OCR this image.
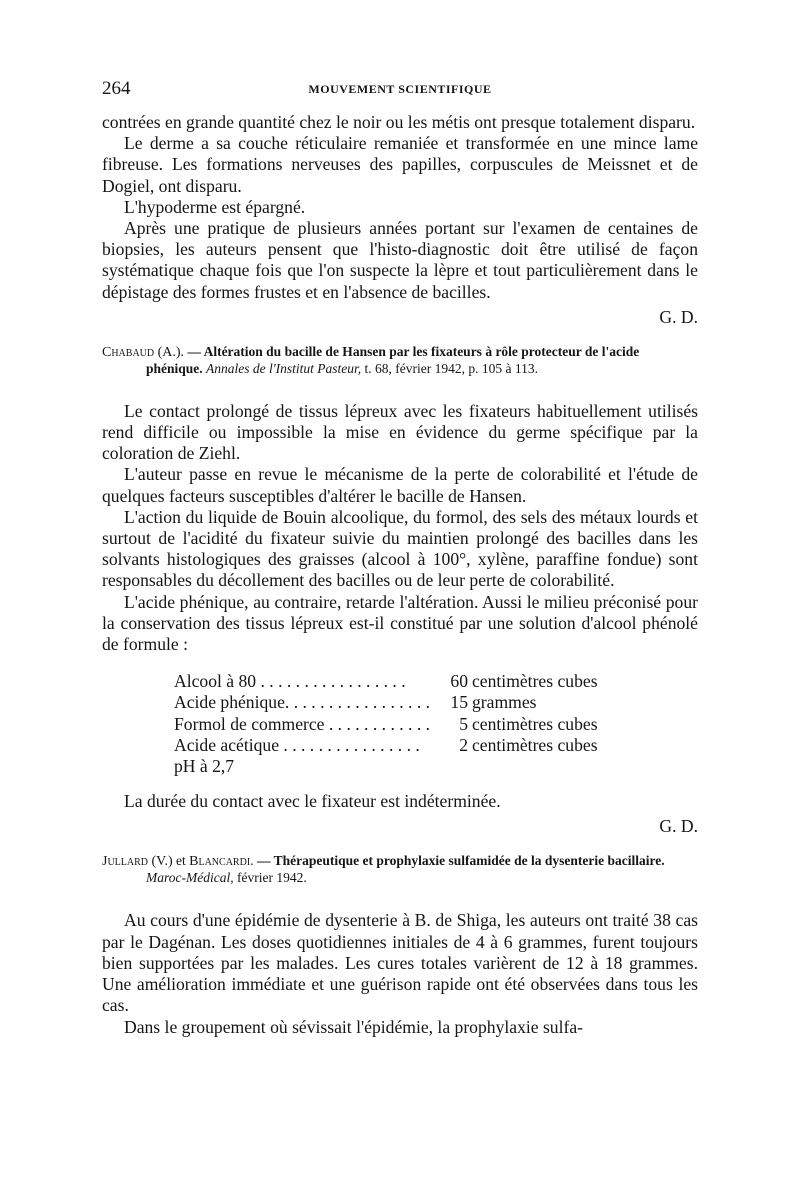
264	MOUVEMENT SCIENTIFIQUE

contrées en grande quantité chez le noir ou les métis ont presque totalement disparu.

Le derme a sa couche réticulaire remaniée et transformée en une mince lame fibreuse. Les formations nerveuses des papilles, corpuscules de Meissnet et de Dogiel, ont disparu.

L'hypoderme est épargné.

Après une pratique de plusieurs années portant sur l'examen de centaines de biopsies, les auteurs pensent que l'histo-diagnostic doit être utilisé de façon systématique chaque fois que l'on suspecte la lèpre et tout particulièrement dans le dépistage des formes frustes et en l'absence de bacilles.

G. D.
Chabaud (A.). — Altération du bacille de Hansen par les fixateurs à rôle protecteur de l'acide phénique. Annales de l'Institut Pasteur, t. 68, février 1942, p. 105 à 113.

Le contact prolongé de tissus lépreux avec les fixateurs habituellement utilisés rend difficile ou impossible la mise en évidence du germe spécifique par la coloration de Ziehl.

L'auteur passe en revue le mécanisme de la perte de colorabilité et l'étude de quelques facteurs susceptibles d'altérer le bacille de Hansen.

L'action du liquide de Bouin alcoolique, du formol, des sels des métaux lourds et surtout de l'acidité du fixateur suivie du maintien prolongé des bacilles dans les solvants histologiques des graisses (alcool à 100°, xylène, paraffine fondue) sont responsables du décollement des bacilles ou de leur perte de colorabilité.

L'acide phénique, au contraire, retarde l'altération. Aussi le milieu préconisé pour la conservation des tissus lépreux est-il constitué par une solution d'alcool phénolé de formule :

Alcool à 80 . . . . . . . . . . . . . . . . .	60 centimètres cubes
Acide phénique. . . . . . . . . . . . . . . . .	15 grammes
Formol de commerce . . . . . . . . . . . .	5 centimètres cubes
Acide acétique . . . . . . . . . . . . . . . .	2 centimètres cubes
pH à 2,7

La durée du contact avec le fixateur est indéterminée.

G. D.
Jullard (V.) et Blancardi. — Thérapeutique et prophylaxie sulfamidée de la dysenterie bacillaire. Maroc-Médical, février 1942.

Au cours d'une épidémie de dysenterie à B. de Shiga, les auteurs ont traité 38 cas par le Dagénan. Les doses quotidiennes initiales de 4 à 6 grammes, furent toujours bien supportées par les malades. Les cures totales varièrent de 12 à 18 grammes. Une amélioration immédiate et une guérison rapide ont été observées dans tous les cas.

Dans le groupement où sévissait l'épidémie, la prophylaxie sulfa-
